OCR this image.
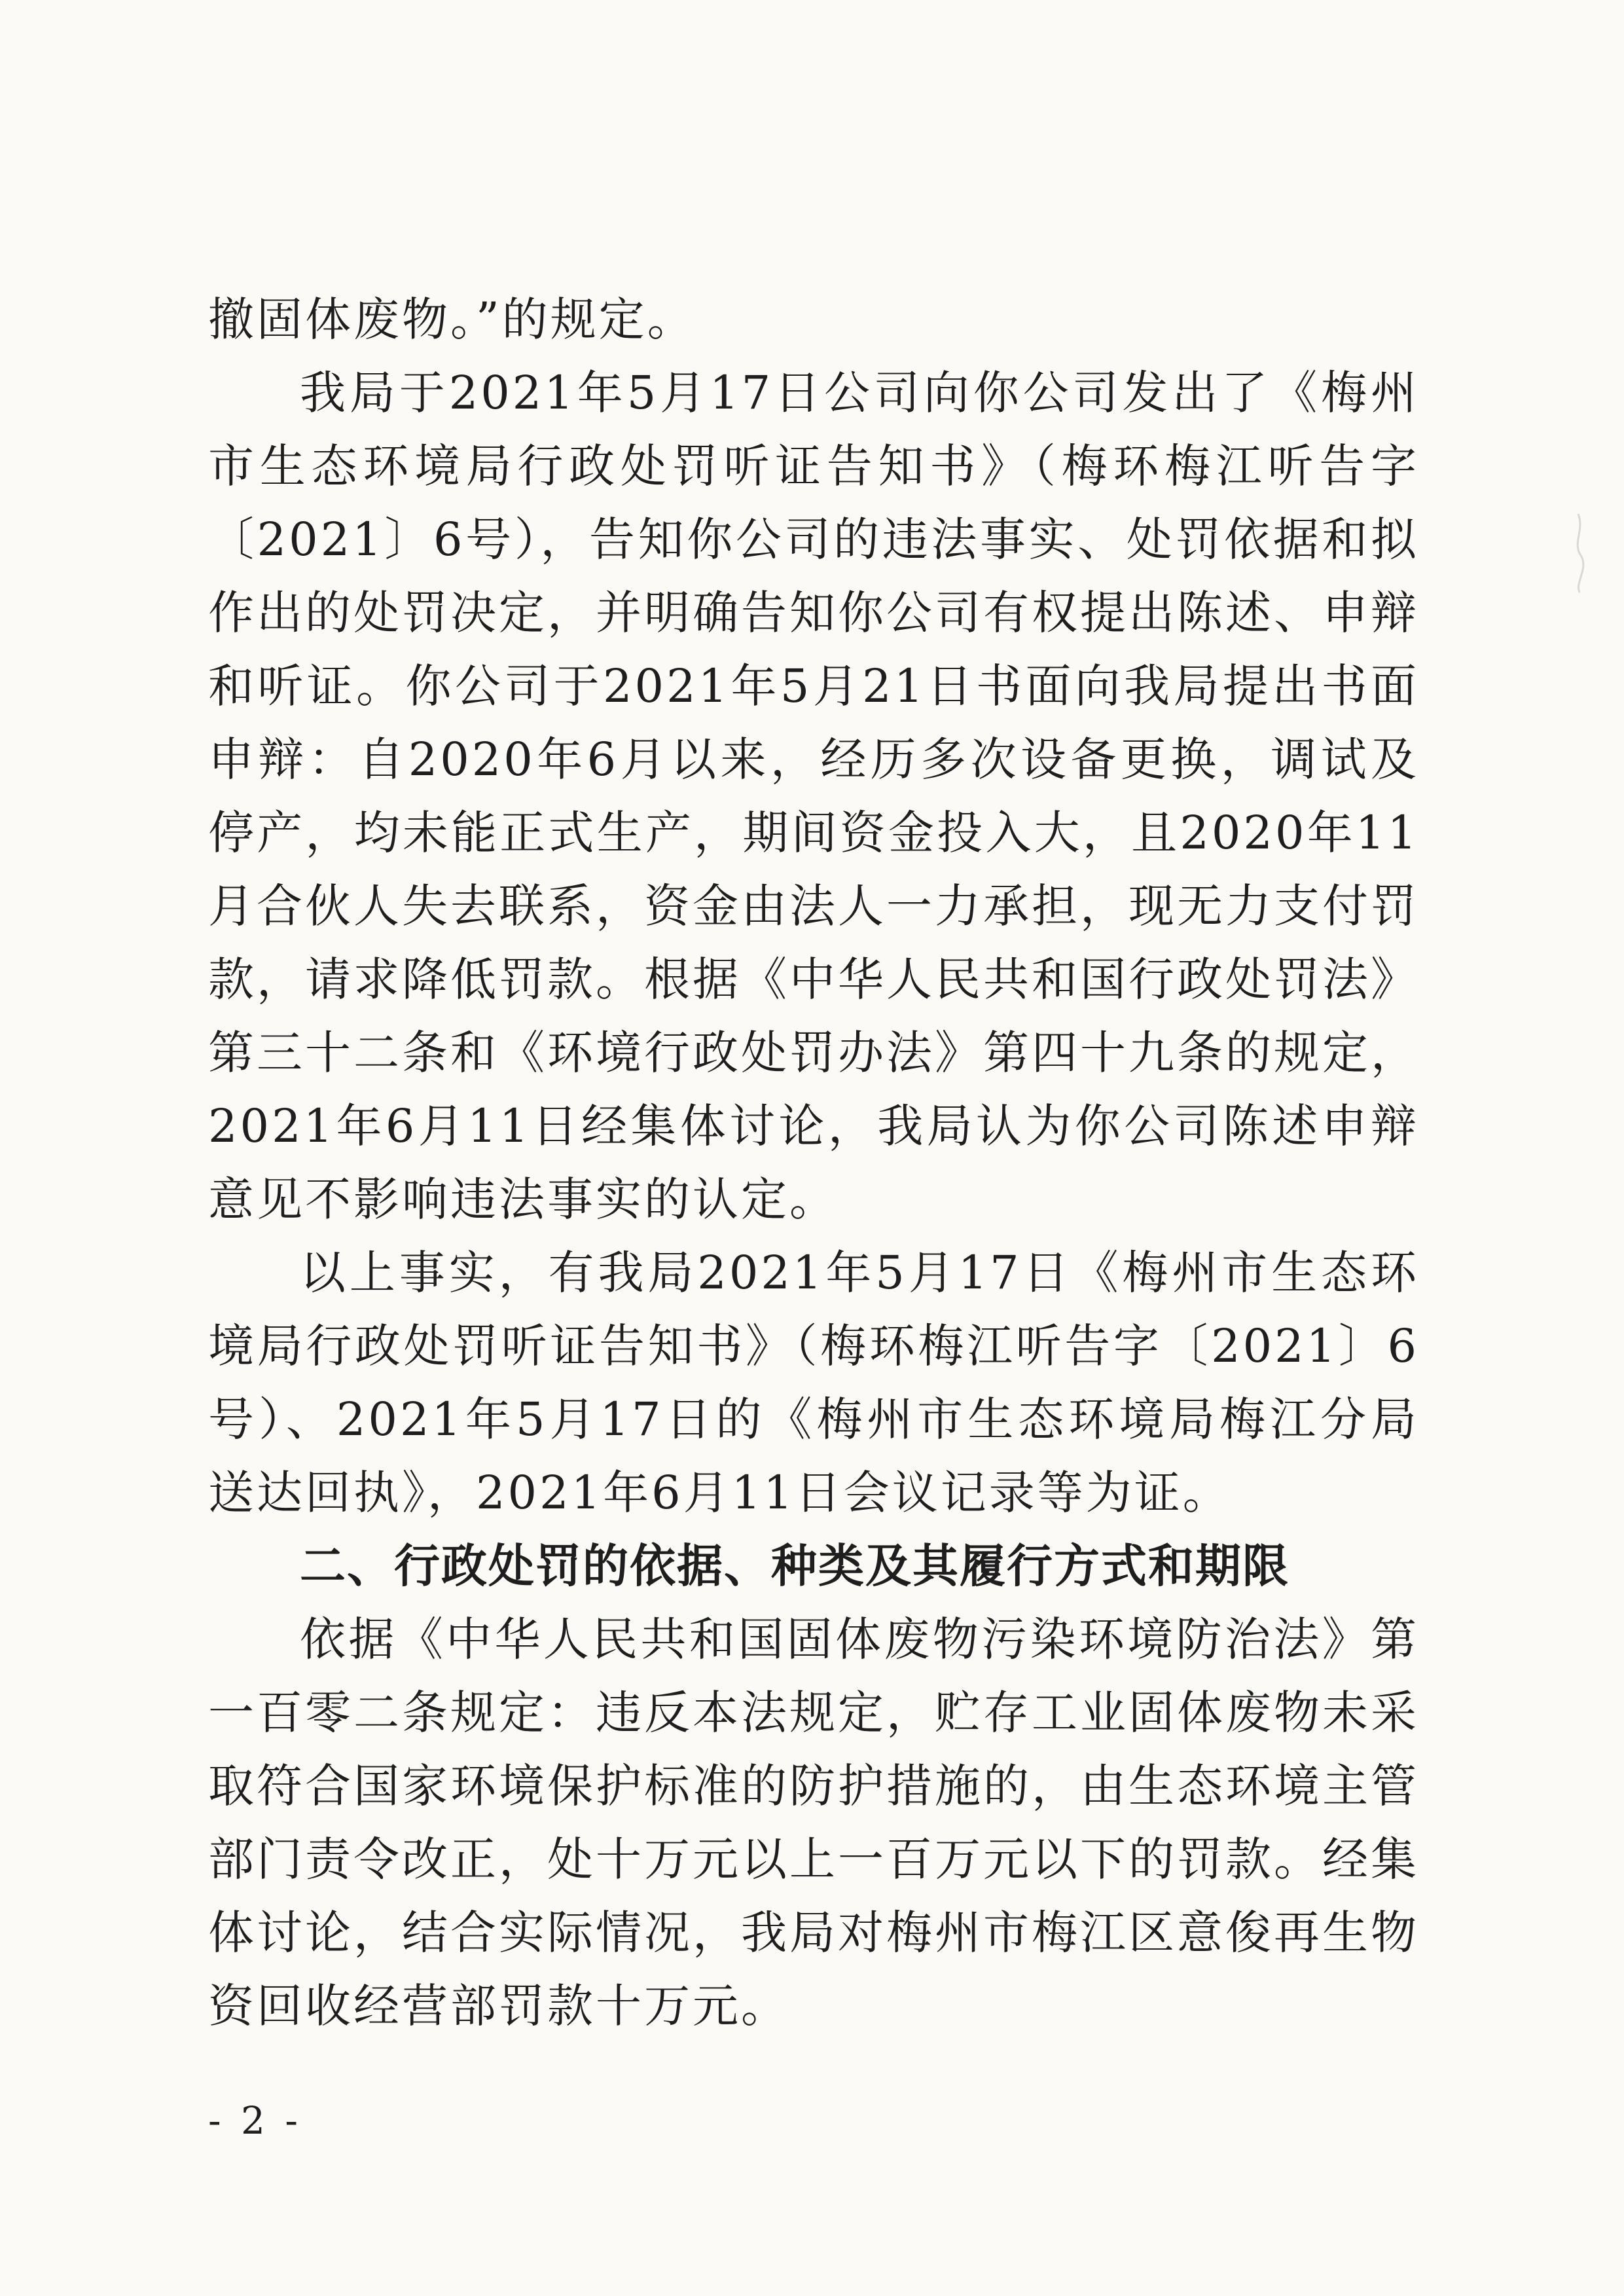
撤固体废物。”的规定。

我局于2021年5月17日公司向你公司发出了《梅州市生态环境局行政处罚听证告知书》（梅环梅江听告字〔2021〕6号），告知你公司的违法事实、处罚依据和拟作出的处罚决定，并明确告知你公司有权提出陈述、申辩和听证。你公司于2021年5月21日书面向我局提出书面申辩：自2020年6月以来，经历多次设备更换，调试及停产，均未能正式生产，期间资金投入大，且2020年11月合伙人失去联系，资金由法人一力承担，现无力支付罚款，请求降低罚款。根据《中华人民共和国行政处罚法》第三十二条和《环境行政处罚办法》第四十九条的规定，2021年6月11日经集体讨论，我局认为你公司陈述申辩意见不影响违法事实的认定。

以上事实，有我局2021年5月17日《梅州市生态环境局行政处罚听证告知书》（梅环梅江听告字〔2021〕6号）、2021年5月17日的《梅州市生态环境局梅江分局送达回执》，2021年6月11日会议记录等为证。

二、行政处罚的依据、种类及其履行方式和期限

依据《中华人民共和国固体废物污染环境防治法》第一百零二条规定：违反本法规定，贮存工业固体废物未采取符合国家环境保护标准的防护措施的，由生态环境主管部门责令改正，处十万元以上一百万元以下的罚款。经集体讨论，结合实际情况，我局对梅州市梅江区意俊再生物资回收经营部罚款十万元。

- 2 -
